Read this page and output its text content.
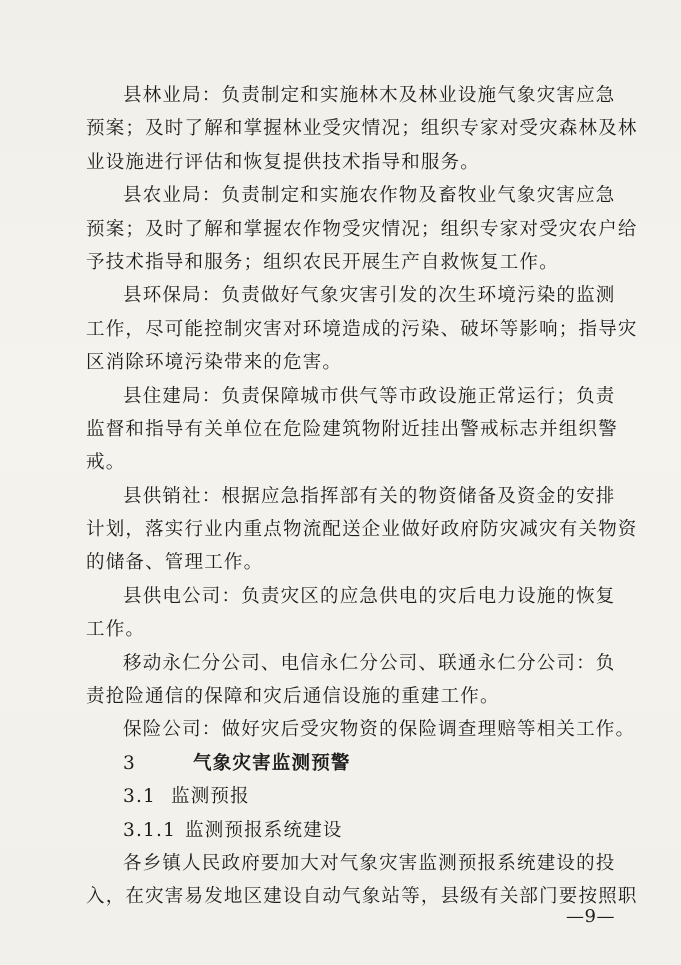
县林业局：负责制定和实施林木及林业设施气象灾害应急
预案；及时了解和掌握林业受灾情况；组织专家对受灾森林及林
业设施进行评估和恢复提供技术指导和服务。
县农业局：负责制定和实施农作物及畜牧业气象灾害应急
预案；及时了解和掌握农作物受灾情况；组织专家对受灾农户给
予技术指导和服务；组织农民开展生产自救恢复工作。
县环保局：负责做好气象灾害引发的次生环境污染的监测
工作，尽可能控制灾害对环境造成的污染、破坏等影响；指导灾
区消除环境污染带来的危害。
县住建局：负责保障城市供气等市政设施正常运行；负责
监督和指导有关单位在危险建筑物附近挂出警戒标志并组织警
戒。
县供销社：根据应急指挥部有关的物资储备及资金的安排
计划，落实行业内重点物流配送企业做好政府防灾减灾有关物资
的储备、管理工作。
县供电公司：负责灾区的应急供电的灾后电力设施的恢复
工作。
移动永仁分公司、电信永仁分公司、联通永仁分公司：负
责抢险通信的保障和灾后通信设施的重建工作。
保险公司：做好灾后受灾物资的保险调查理赔等相关工作。
3	气象灾害监测预警
3.1 监测预报
3.1.1 监测预报系统建设
各乡镇人民政府要加大对气象灾害监测预报系统建设的投
入，在灾害易发地区建设自动气象站等，县级有关部门要按照职
—9—
